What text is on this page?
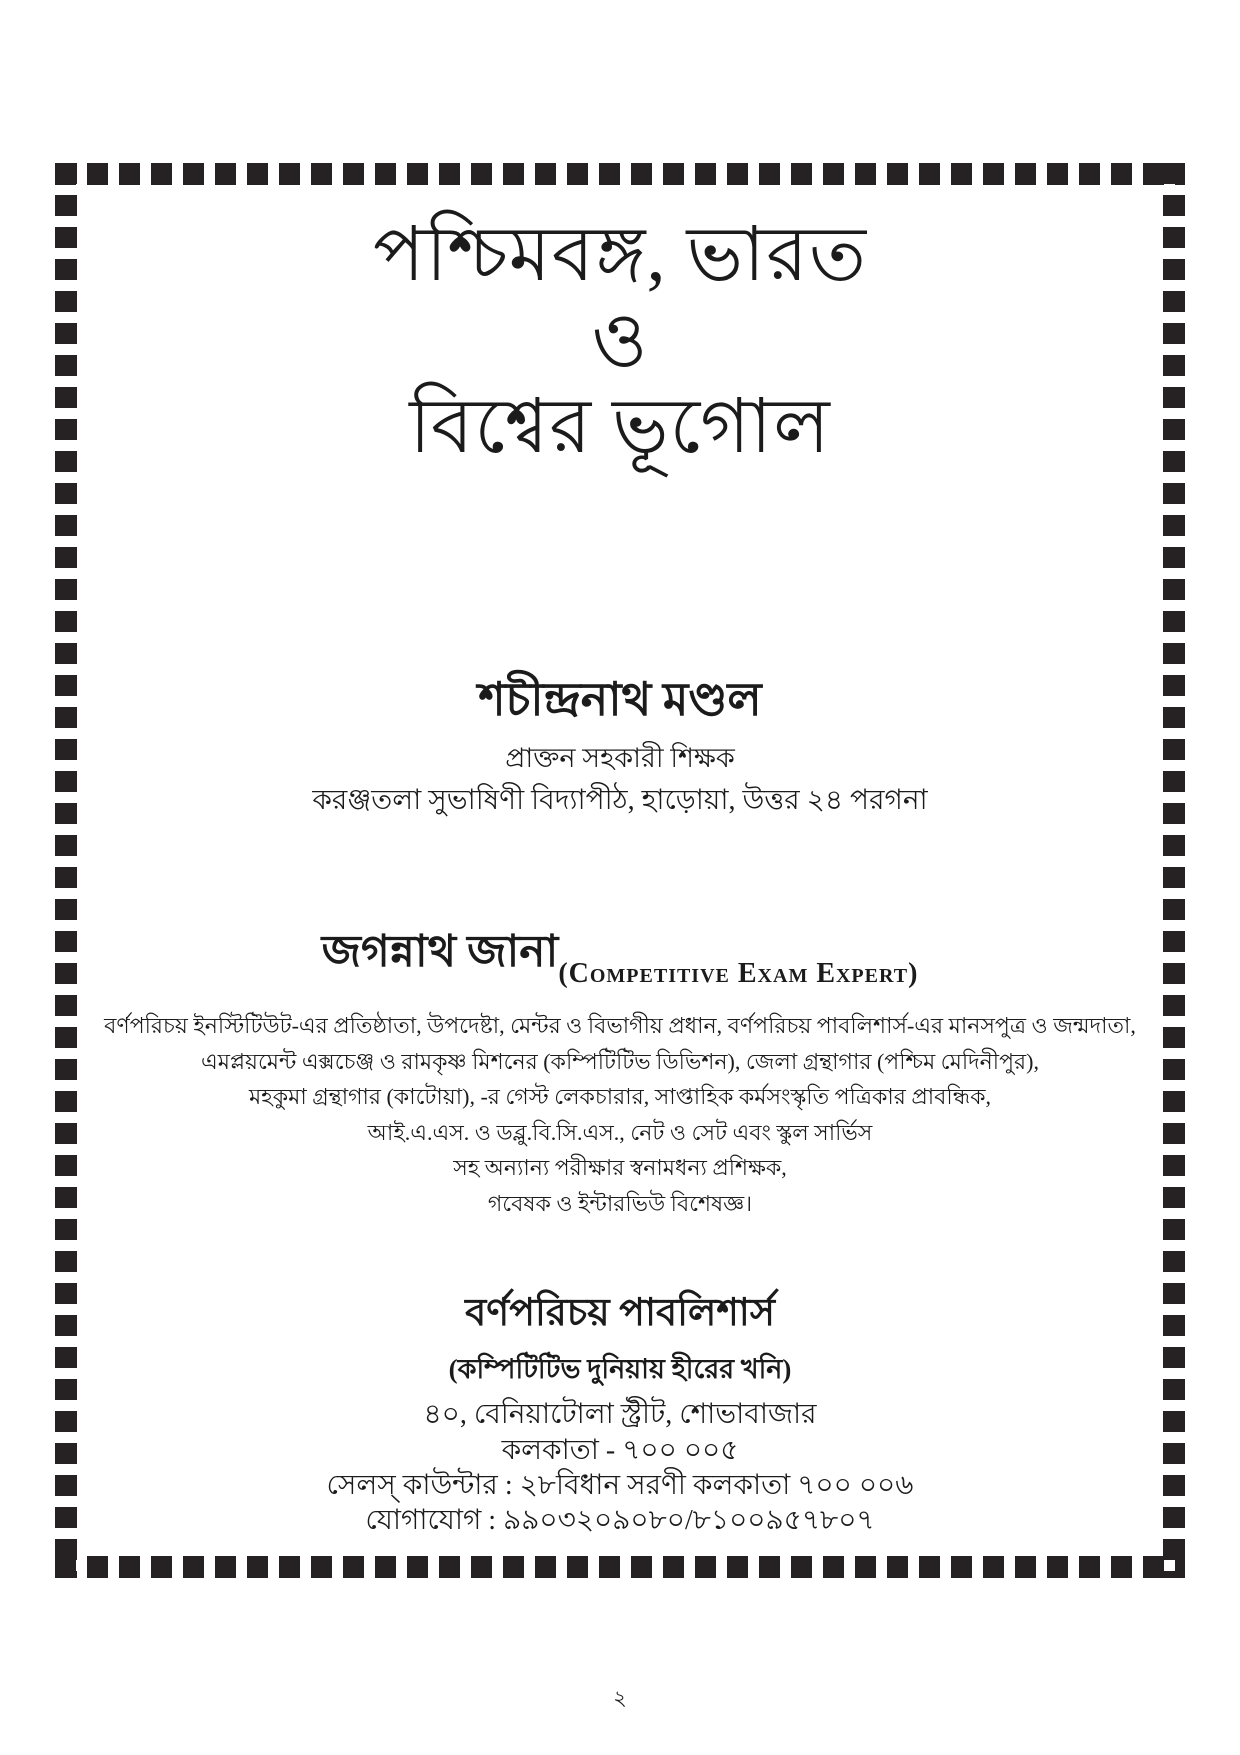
পশ্চিমবঙ্গ, ভারত
ও
বিশ্বের ভূগোল
শচীন্দ্রনাথ মণ্ডল
প্রাক্তন সহকারী শিক্ষক
করঞ্জতলা সুভাষিণী বিদ্যাপীঠ, হাড়োয়া, উত্তর ২৪ পরগনা
জগন্নাথ জানা (Competitive Exam Expert)
বর্ণপরিচয় ইনস্টিটিউট-এর প্রতিষ্ঠাতা, উপদেষ্টা, মেন্টর ও বিভাগীয় প্রধান, বর্ণপরিচয় পাবলিশার্স-এর মানসপুত্র ও জন্মদাতা,
এমপ্লয়মেন্ট এক্সচেঞ্জ ও রামকৃষ্ণ মিশনের (কম্পিটিটিভ ডিভিশন), জেলা গ্রন্থাগার (পশ্চিম মেদিনীপুর),
মহকুমা গ্রন্থাগার (কাটোয়া), -র গেস্ট লেকচারার, সাপ্তাহিক কর্মসংস্কৃতি পত্রিকার প্রাবন্ধিক,
আই.এ.এস. ও ডব্লু.বি.সি.এস., নেট ও সেট এবং স্কুল সার্ভিস
সহ অন্যান্য পরীক্ষার স্বনামধন্য প্রশিক্ষক,
গবেষক ও ইন্টারভিউ বিশেষজ্ঞ।
বর্ণপরিচয় পাবলিশার্স
(কম্পিটিটিভ দুনিয়ায় হীরের খনি)
৪০, বেনিয়াটোলা স্ট্রীট, শোভাবাজার
কলকাতা - ৭০০ ০০৫
সেলস্ কাউন্টার : ২৮বিধান সরণী কলকাতা ৭০০ ০০৬
যোগাযোগ : ৯৯০৩২০৯০৮০/৮১০০৯৫৭৮০৭
২
